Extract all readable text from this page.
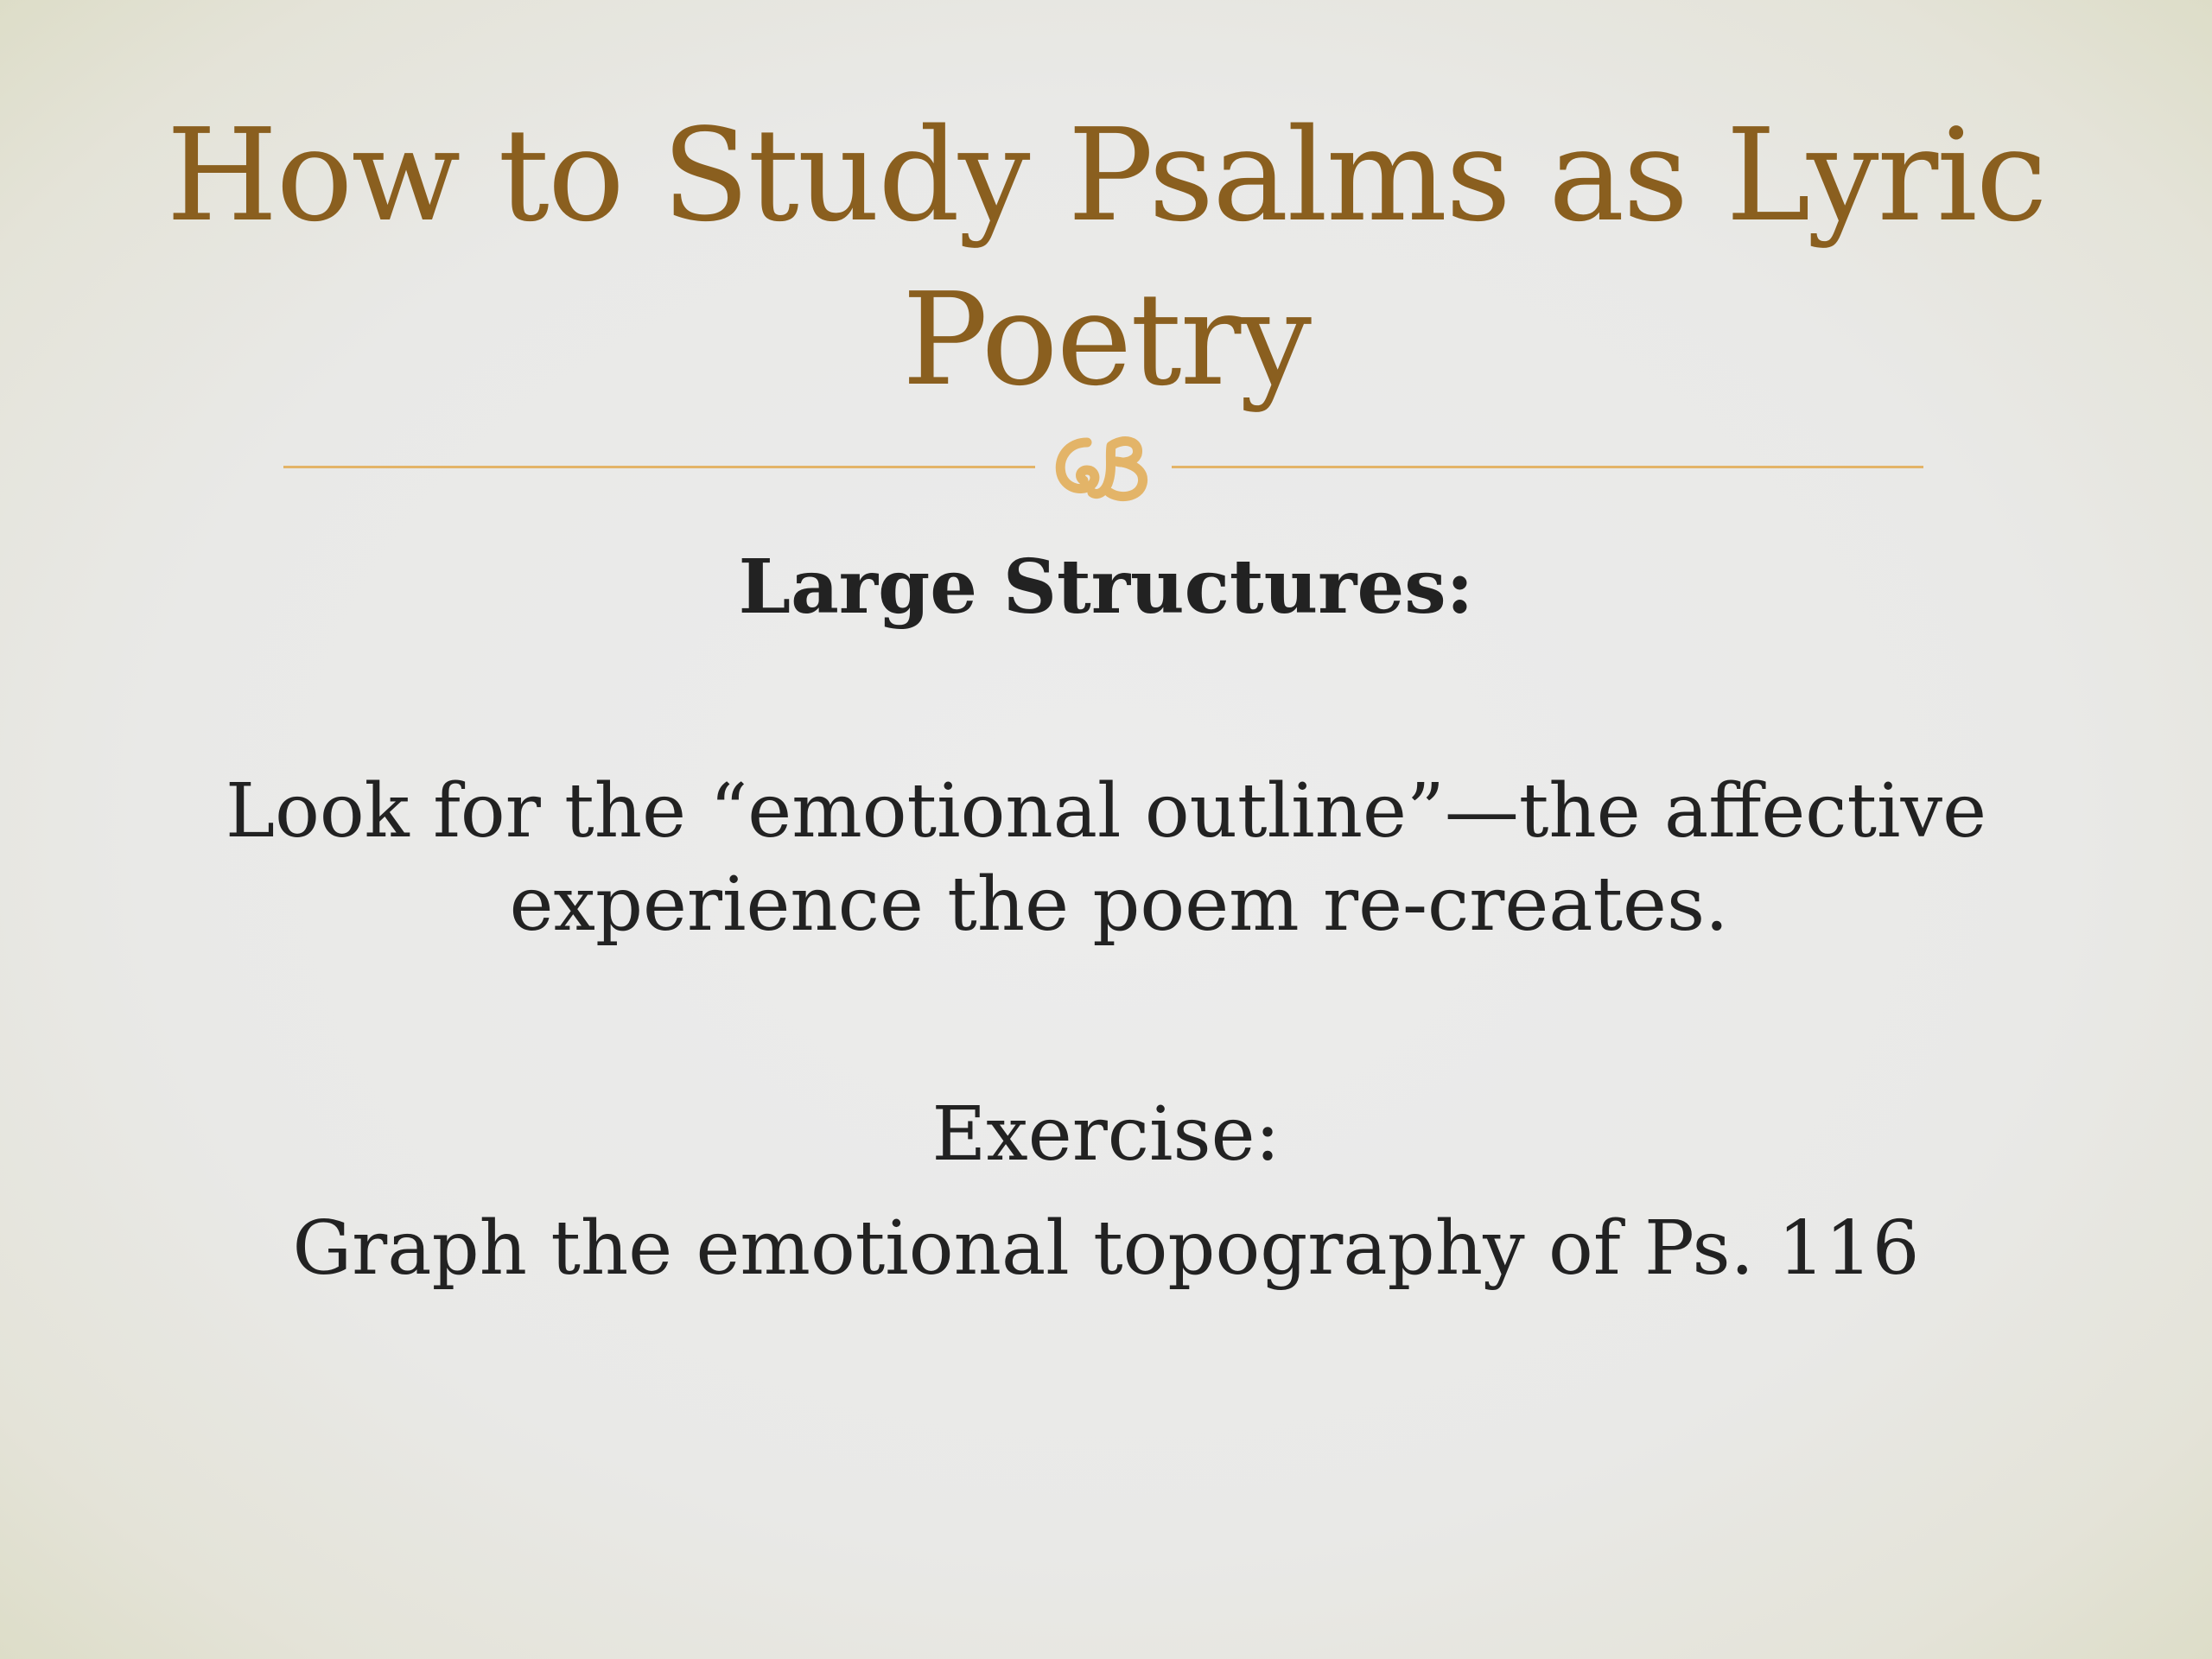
How to Study Psalms as Lyric Poetry
Large Structures:
Look for the “emotional outline”—the affective
experience the poem re-creates.
Exercise:
Graph the emotional topography of Ps. 116
